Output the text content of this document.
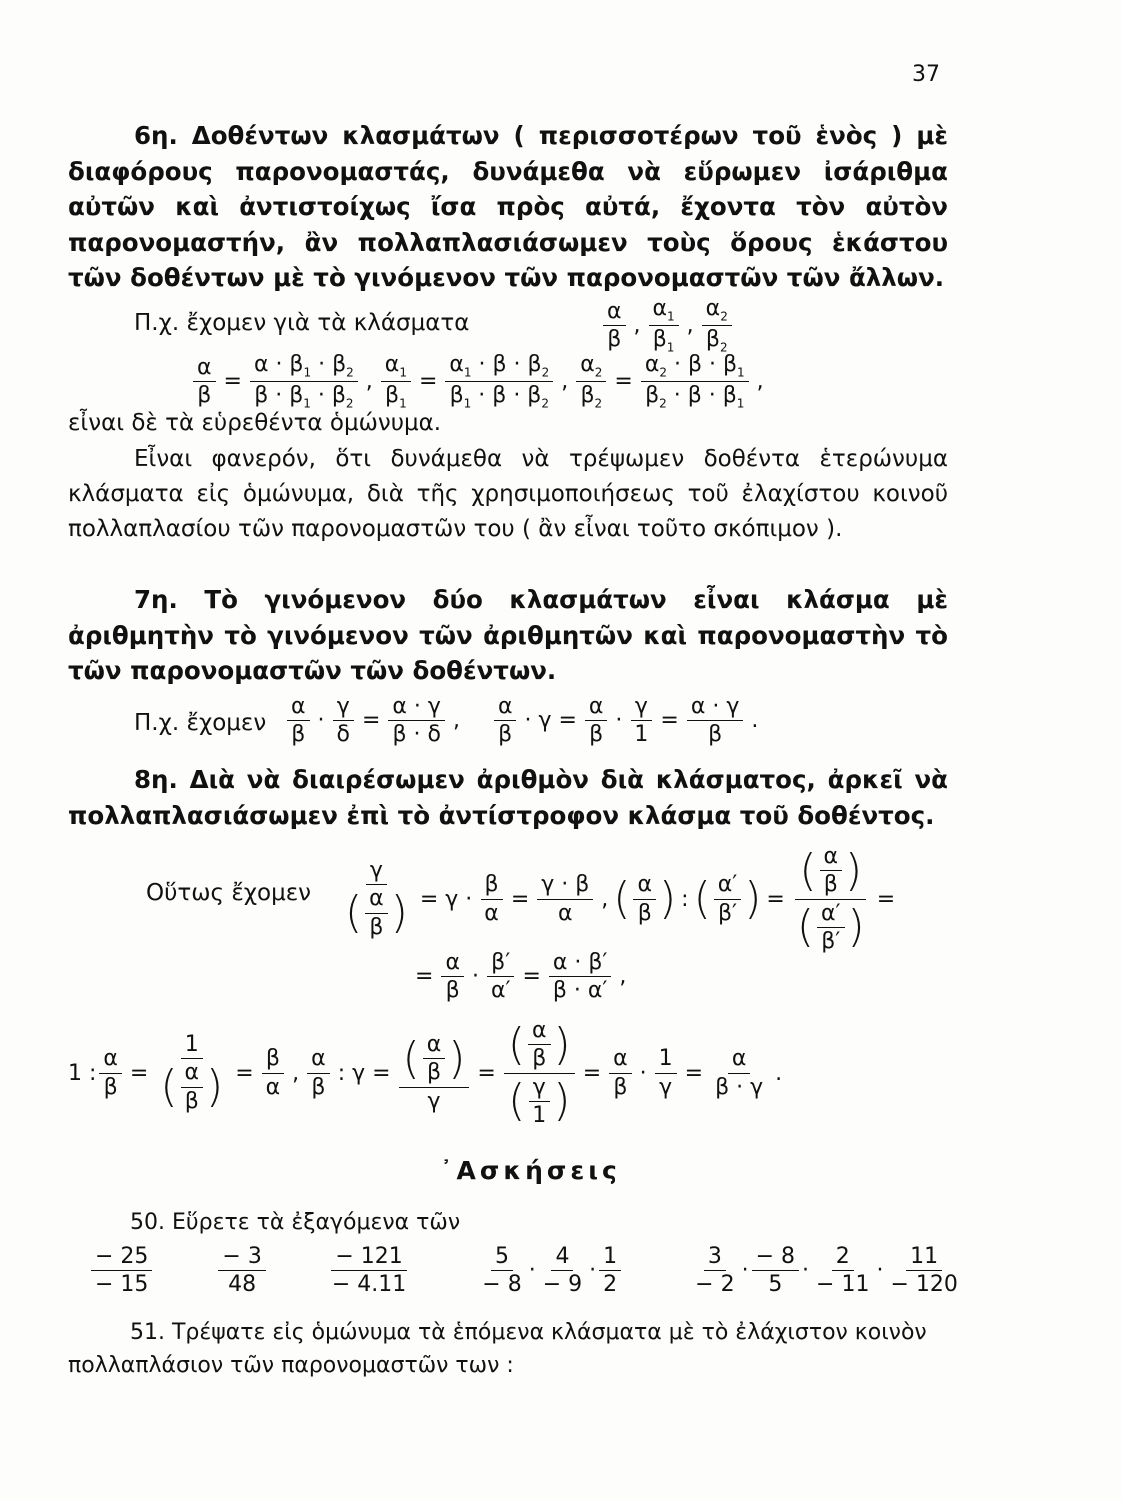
37
6η. Δοθέντων κλασμάτων ( περισσοτέρων τοῦ ἑνὸς ) μὲ διαφόρους παρονομαστάς, δυνάμεθα νὰ εὕρωμεν ἰσάριθμα αὐτῶν καὶ ἀντιστοίχως ἴσα πρὸς αὐτά, ἔχοντα τὸν αὐτὸν παρονομαστήν, ἂν πολλαπλασιάσωμεν τοὺς ὅρους ἑκάστου τῶν δοθέντων μὲ τὸ γινόμενον τῶν παρονομαστῶν τῶν ἄλλων.
Π.χ. ἔχομεν γιὰ τὰ κλάσματα	α
β
,
$\alpha_1$
$\beta_1$
,
$\alpha_2$
$\beta_2$
$\frac{\alpha}{\beta} = \frac{\alpha \cdot \beta_1 \cdot \beta_2}{\beta \cdot \beta_1 \cdot \beta_2}$ , $\frac{\alpha_1}{\beta_1} = \frac{\alpha_1 \cdot \beta \cdot \beta_2}{\beta_1 \cdot \beta \cdot \beta_2}$ , $\frac{\alpha_2}{\beta_2} = \frac{\alpha_2 \cdot \beta \cdot \beta_1}{\beta_2 \cdot \beta \cdot \beta_1}$ ,
εἶναι δὲ τὰ εὑρεθέντα ὁμώνυμα.
Εἶναι φανερόν, ὅτι δυνάμεθα νὰ τρέψωμεν δοθέντα ἑτερώνυμα κλάσματα εἰς ὁμώνυμα, διὰ τῆς χρησιμοποιήσεως τοῦ ἐλαχίστου κοινοῦ πολλαπλασίου τῶν παρονομαστῶν του ( ἂν εἶναι τοῦτο σκόπιμον ).
7η. Τὸ γινόμενον δύο κλασμάτων εἶναι κλάσμα μὲ ἀριθμητὴν τὸ γινόμενον τῶν ἀριθμητῶν καὶ παρονομαστὴν τὸ τῶν παρονομαστῶν τῶν δοθέντων.
Π.χ. ἔχομεν
α
β
· $\frac{\gamma}{\delta} = \frac{\alpha \cdot \gamma}{\beta \cdot \delta}$ ,
α
β
· $\gamma = \frac{\alpha}{\beta} \cdot \frac{\gamma}{1} = \frac{\alpha \cdot \gamma}{\beta}$ .
8η. Διὰ νὰ διαιρέσωμεν ἀριθμὸν διὰ κλάσματος, ἀρκεῖ νὰ πολλαπλασιάσωμεν ἐπὶ τὸ ἀντίστροφον κλάσμα τοῦ δοθέντος.
Οὕτως ἔχομεν γ
( α
β ) = $\gamma \cdot \frac{\beta}{\alpha} = \frac{\gamma \cdot \beta}{\alpha}$ , ( α
β ) : ( α′
β′ ) = ( α
β )
( α′
β′ ) =
= $\frac{\alpha}{\beta} \cdot \frac{\beta'}{\alpha'} = \frac{\alpha \cdot \beta'}{\beta \cdot \alpha'}$ ,
1 : $\frac{\alpha}{\beta} = 1$
( α
β ) = $\frac{\beta}{\alpha}$ ,
α
β
: γ = ( α
β )
γ = ( α
β )
( γ
1 ) = $\frac{\alpha}{\beta} \cdot \frac{1}{\gamma} = \frac{\alpha}{\beta \cdot \gamma}$ .
᾿Ασκήσεις
50. Εὕρετε τὰ ἐξαγόμενα τῶν
− 25
− 15
− 3
48
− 121
− 4.11
5
− 8
·
4
− 9
·
1
2
3
− 2
·
− 8
5
·
2
− 11
·
11
− 120
51. Τρέψατε εἰς ὁμώνυμα τὰ ἑπόμενα κλάσματα μὲ τὸ ἐλάχιστον κοινὸν πολλαπλάσιον τῶν παρονομαστῶν των :
